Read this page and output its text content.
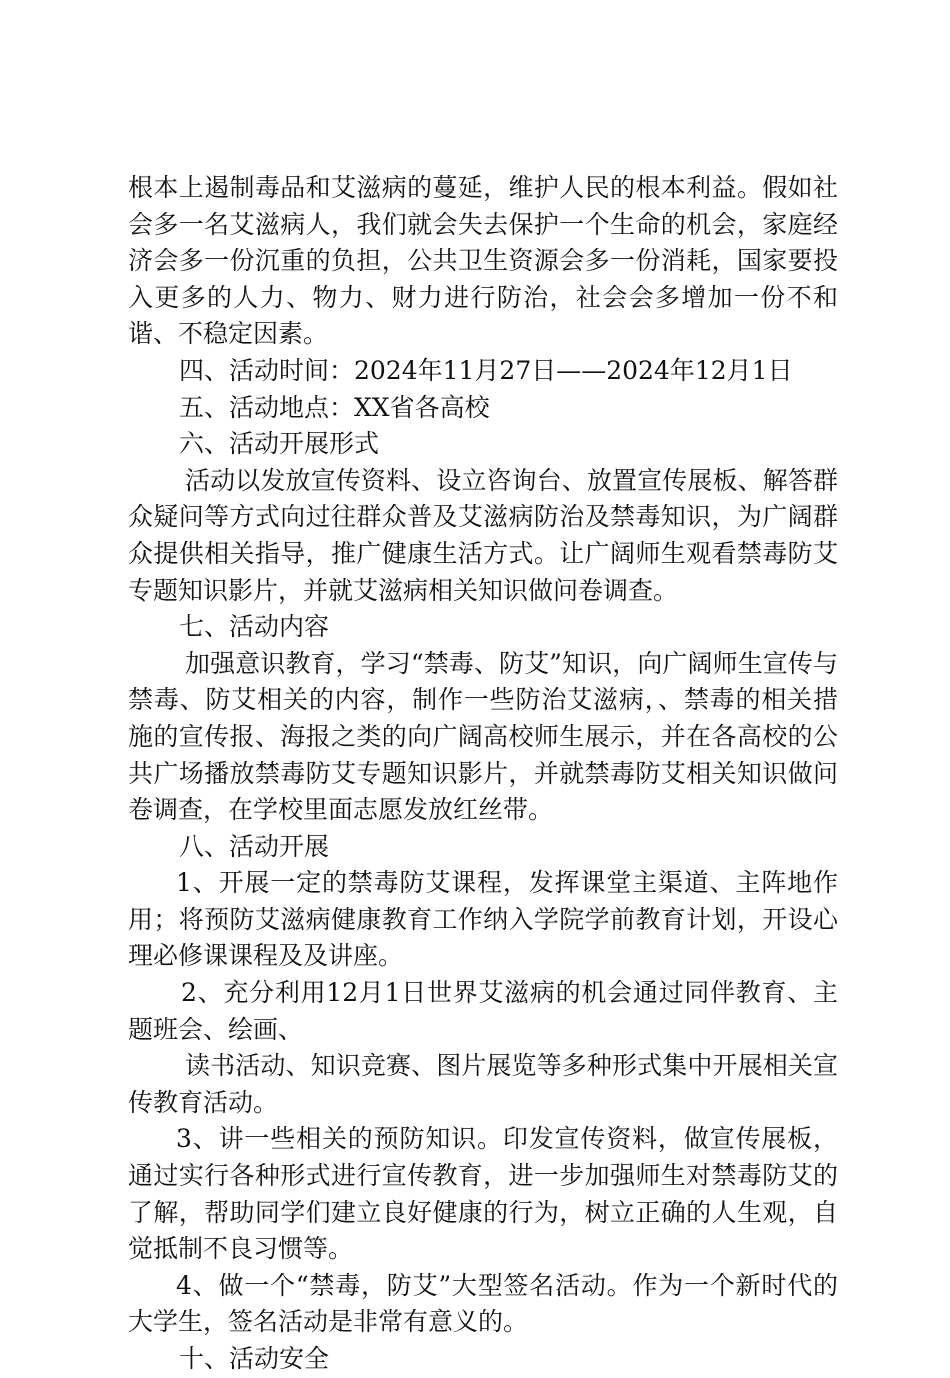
根本上遏制毒品和艾滋病的蔓延，维护人民的根本利益。假如社会多一名艾滋病人，我们就会失去保护一个生命的机会，家庭经济会多一份沉重的负担，公共卫生资源会多一份消耗，国家要投入更多的人力、物力、财力进行防治，社会会多增加一份不和谐、不稳定因素。

四、活动时间：2024年11月27日——2024年12月1日

五、活动地点：XX省各高校

六、活动开展形式

活动以发放宣传资料、设立咨询台、放置宣传展板、解答群众疑问等方式向过往群众普及艾滋病防治及禁毒知识，为广阔群众提供相关指导，推广健康生活方式。让广阔师生观看禁毒防艾专题知识影片，并就艾滋病相关知识做问卷调查。

七、活动内容

加强意识教育，学习“禁毒、防艾”知识，向广阔师生宣传与禁毒、防艾相关的内容，制作一些防治艾滋病，、禁毒的相关措施的宣传报、海报之类的向广阔高校师生展示，并在各高校的公共广场播放禁毒防艾专题知识影片，并就禁毒防艾相关知识做问卷调查，在学校里面志愿发放红丝带。

八、活动开展

1、开展一定的禁毒防艾课程，发挥课堂主渠道、主阵地作用；将预防艾滋病健康教育工作纳入学院学前教育计划，开设心理必修课课程及及讲座。

2、充分利用12月1日世界艾滋病的机会通过同伴教育、主题班会、绘画、

读书活动、知识竞赛、图片展览等多种形式集中开展相关宣传教育活动。

3、讲一些相关的预防知识。印发宣传资料，做宣传展板，通过实行各种形式进行宣传教育，进一步加强师生对禁毒防艾的了解，帮助同学们建立良好健康的行为，树立正确的人生观，自觉抵制不良习惯等。

4、做一个“禁毒，防艾”大型签名活动。作为一个新时代的大学生，签名活动是非常有意义的。

十、活动安全
